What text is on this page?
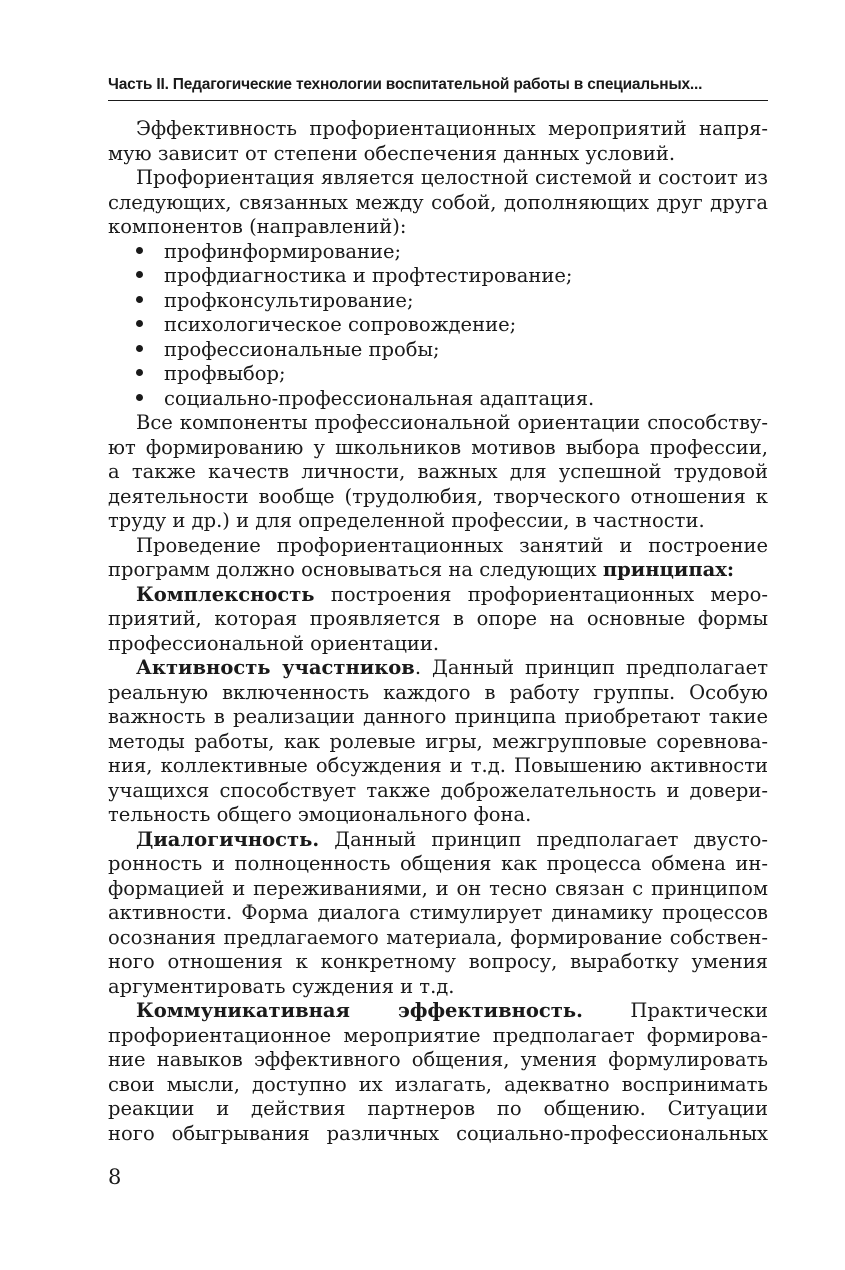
Часть II. Педагогические технологии воспитательной работы в специальных...
Эффективность профориентационных мероприятий напря-
мую зависит от степени обеспечения данных условий.
Профориентация является целостной системой и состоит из
следующих, связанных между собой, дополняющих друг друга
компонентов (направлений):
профинформирование;
профдиагностика и профтестирование;
профконсультирование;
психологическое сопровождение;
профессиональные пробы;
профвыбор;
социально-профессиональная адаптация.
Все компоненты профессиональной ориентации способству-
ют формированию у школьников мотивов выбора профессии,
а также качеств личности, важных для успешной трудовой
деятельности вообще (трудолюбия, творческого отношения к
труду и др.) и для определенной профессии, в частности.
Проведение профориентационных занятий и построение
программ должно основываться на следующих принципах:
Комплексность построения профориентационных меро-
приятий, которая проявляется в опоре на основные формы
профессиональной ориентации.
Активность участников. Данный принцип предполагает
реальную включенность каждого в работу группы. Особую
важность в реализации данного принципа приобретают такие
методы работы, как ролевые игры, межгрупповые соревнова-
ния, коллективные обсуждения и т.д. Повышению активности
учащихся способствует также доброжелательность и довери-
тельность общего эмоционального фона.
Диалогичность. Данный принцип предполагает двусто-
ронность и полноценность общения как процесса обмена ин-
формацией и переживаниями, и он тесно связан с принципом
активности. Форма диалога стимулирует динамику процессов
осознания предлагаемого материала, формирование собствен-
ного отношения к конкретному вопросу, выработку умения
аргументировать суждения и т.д.
Коммуникативная эффективность. Практически
профориентационное мероприятие предполагает формирова-
ние навыков эффективного общения, умения формулировать
свои мысли, доступно их излагать, адекватно воспринимать
реакции и действия партнеров по общению. Ситуации
ного обыгрывания различных социально-профессиональных
8
